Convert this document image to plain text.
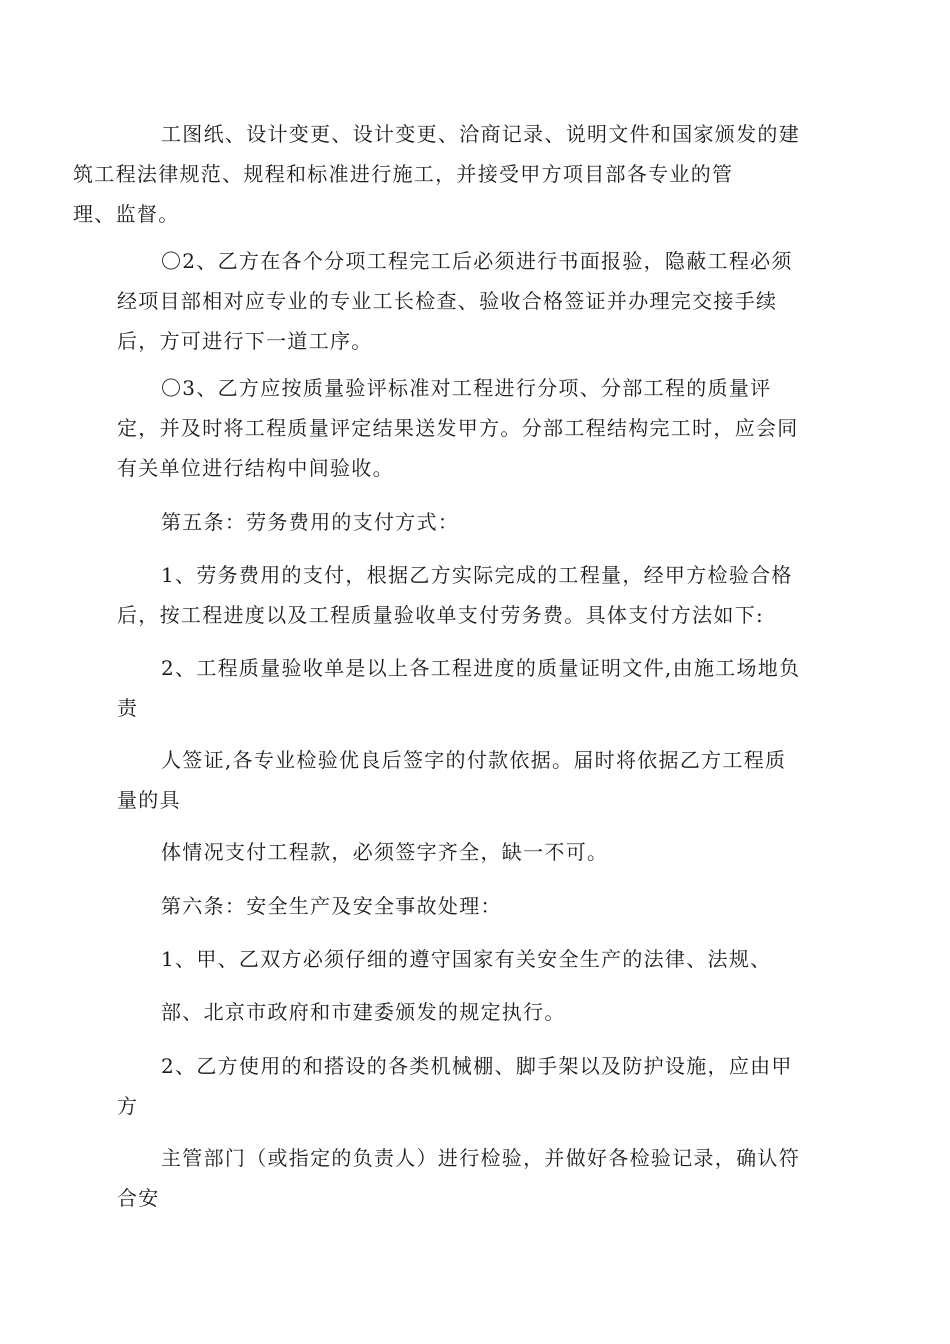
工图纸、设计变更、设计变更、洽商记录、说明文件和国家颁发的建
筑工程法律规范、规程和标准进行施工，并接受甲方项目部各专业的管
理、监督。

〇2、乙方在各个分项工程完工后必须进行书面报验，隐蔽工程必须
经项目部相对应专业的专业工长检查、验收合格签证并办理完交接手续
后，方可进行下一道工序。

〇3、乙方应按质量验评标准对工程进行分项、分部工程的质量评
定，并及时将工程质量评定结果送发甲方。分部工程结构完工时，应会同
有关单位进行结构中间验收。

第五条：劳务费用的支付方式：

1、劳务费用的支付，根据乙方实际完成的工程量，经甲方检验合格
后，按工程进度以及工程质量验收单支付劳务费。具体支付方法如下:

2、工程质量验收单是以上各工程进度的质量证明文件,由施工场地负
责

人签证,各专业检验优良后签字的付款依据。届时将依据乙方工程质
量的具

体情况支付工程款，必须签字齐全，缺一不可。

第六条：安全生产及安全事故处理：

1、甲、乙双方必须仔细的遵守国家有关安全生产的法律、法规、

部、北京市政府和市建委颁发的规定执行。

2、乙方使用的和搭设的各类机械棚、脚手架以及防护设施，应由甲
方

主管部门（或指定的负责人）进行检验，并做好各检验记录，确认符
合安
